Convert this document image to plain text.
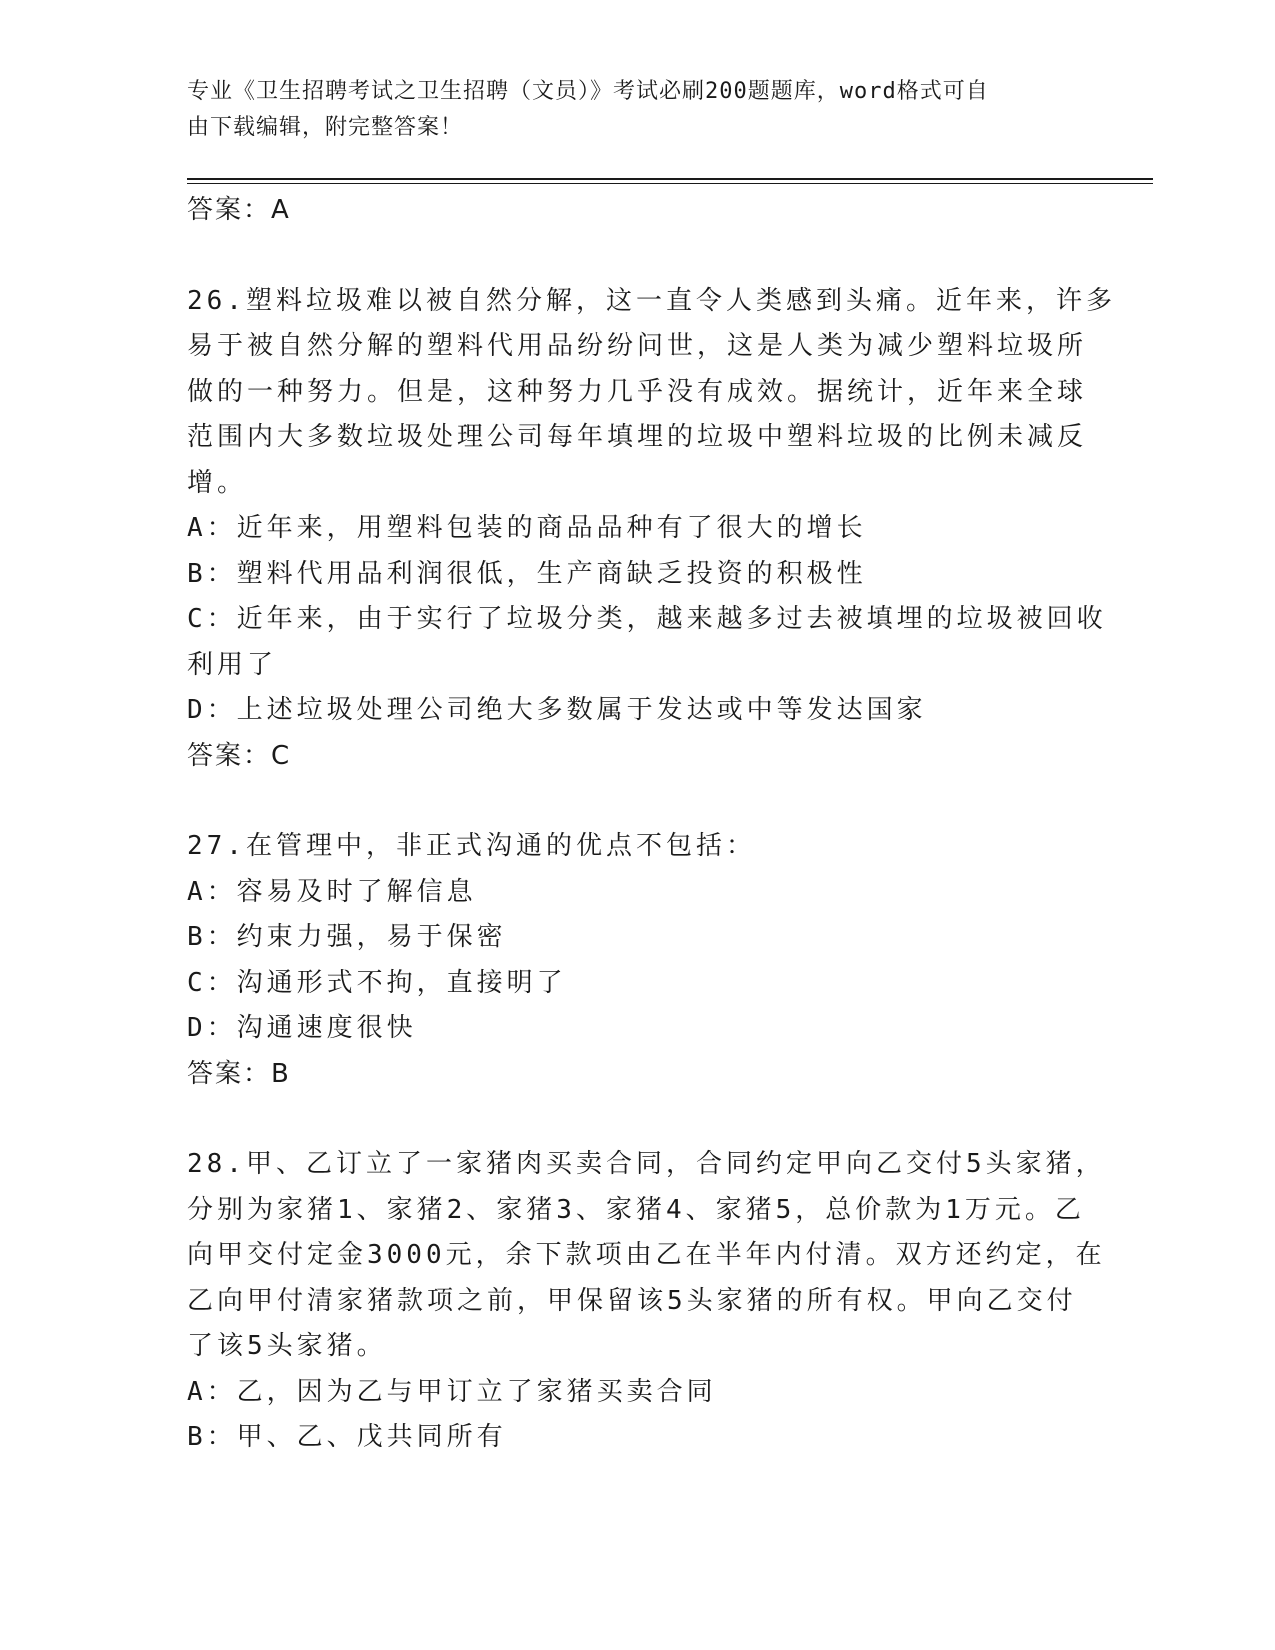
专业《卫生招聘考试之卫生招聘（文员）》考试必刷200题题库，word格式可自
由下载编辑，附完整答案！
答案：A
26.塑料垃圾难以被自然分解，这一直令人类感到头痛。近年来，许多
易于被自然分解的塑料代用品纷纷问世，这是人类为减少塑料垃圾所
做的一种努力。但是，这种努力几乎没有成效。据统计，近年来全球
范围内大多数垃圾处理公司每年填埋的垃圾中塑料垃圾的比例未减反
增。
A：近年来，用塑料包装的商品品种有了很大的增长
B：塑料代用品利润很低，生产商缺乏投资的积极性
C：近年来，由于实行了垃圾分类，越来越多过去被填埋的垃圾被回收
利用了
D：上述垃圾处理公司绝大多数属于发达或中等发达国家
答案：C
27.在管理中，非正式沟通的优点不包括：
A：容易及时了解信息
B：约束力强，易于保密
C：沟通形式不拘，直接明了
D：沟通速度很快
答案：B
28.甲、乙订立了一家猪肉买卖合同，合同约定甲向乙交付5头家猪，
分别为家猪1、家猪2、家猪3、家猪4、家猪5，总价款为1万元。乙
向甲交付定金3000元，余下款项由乙在半年内付清。双方还约定，在
乙向甲付清家猪款项之前，甲保留该5头家猪的所有权。甲向乙交付
了该5头家猪。
A：乙，因为乙与甲订立了家猪买卖合同
B：甲、乙、戊共同所有
